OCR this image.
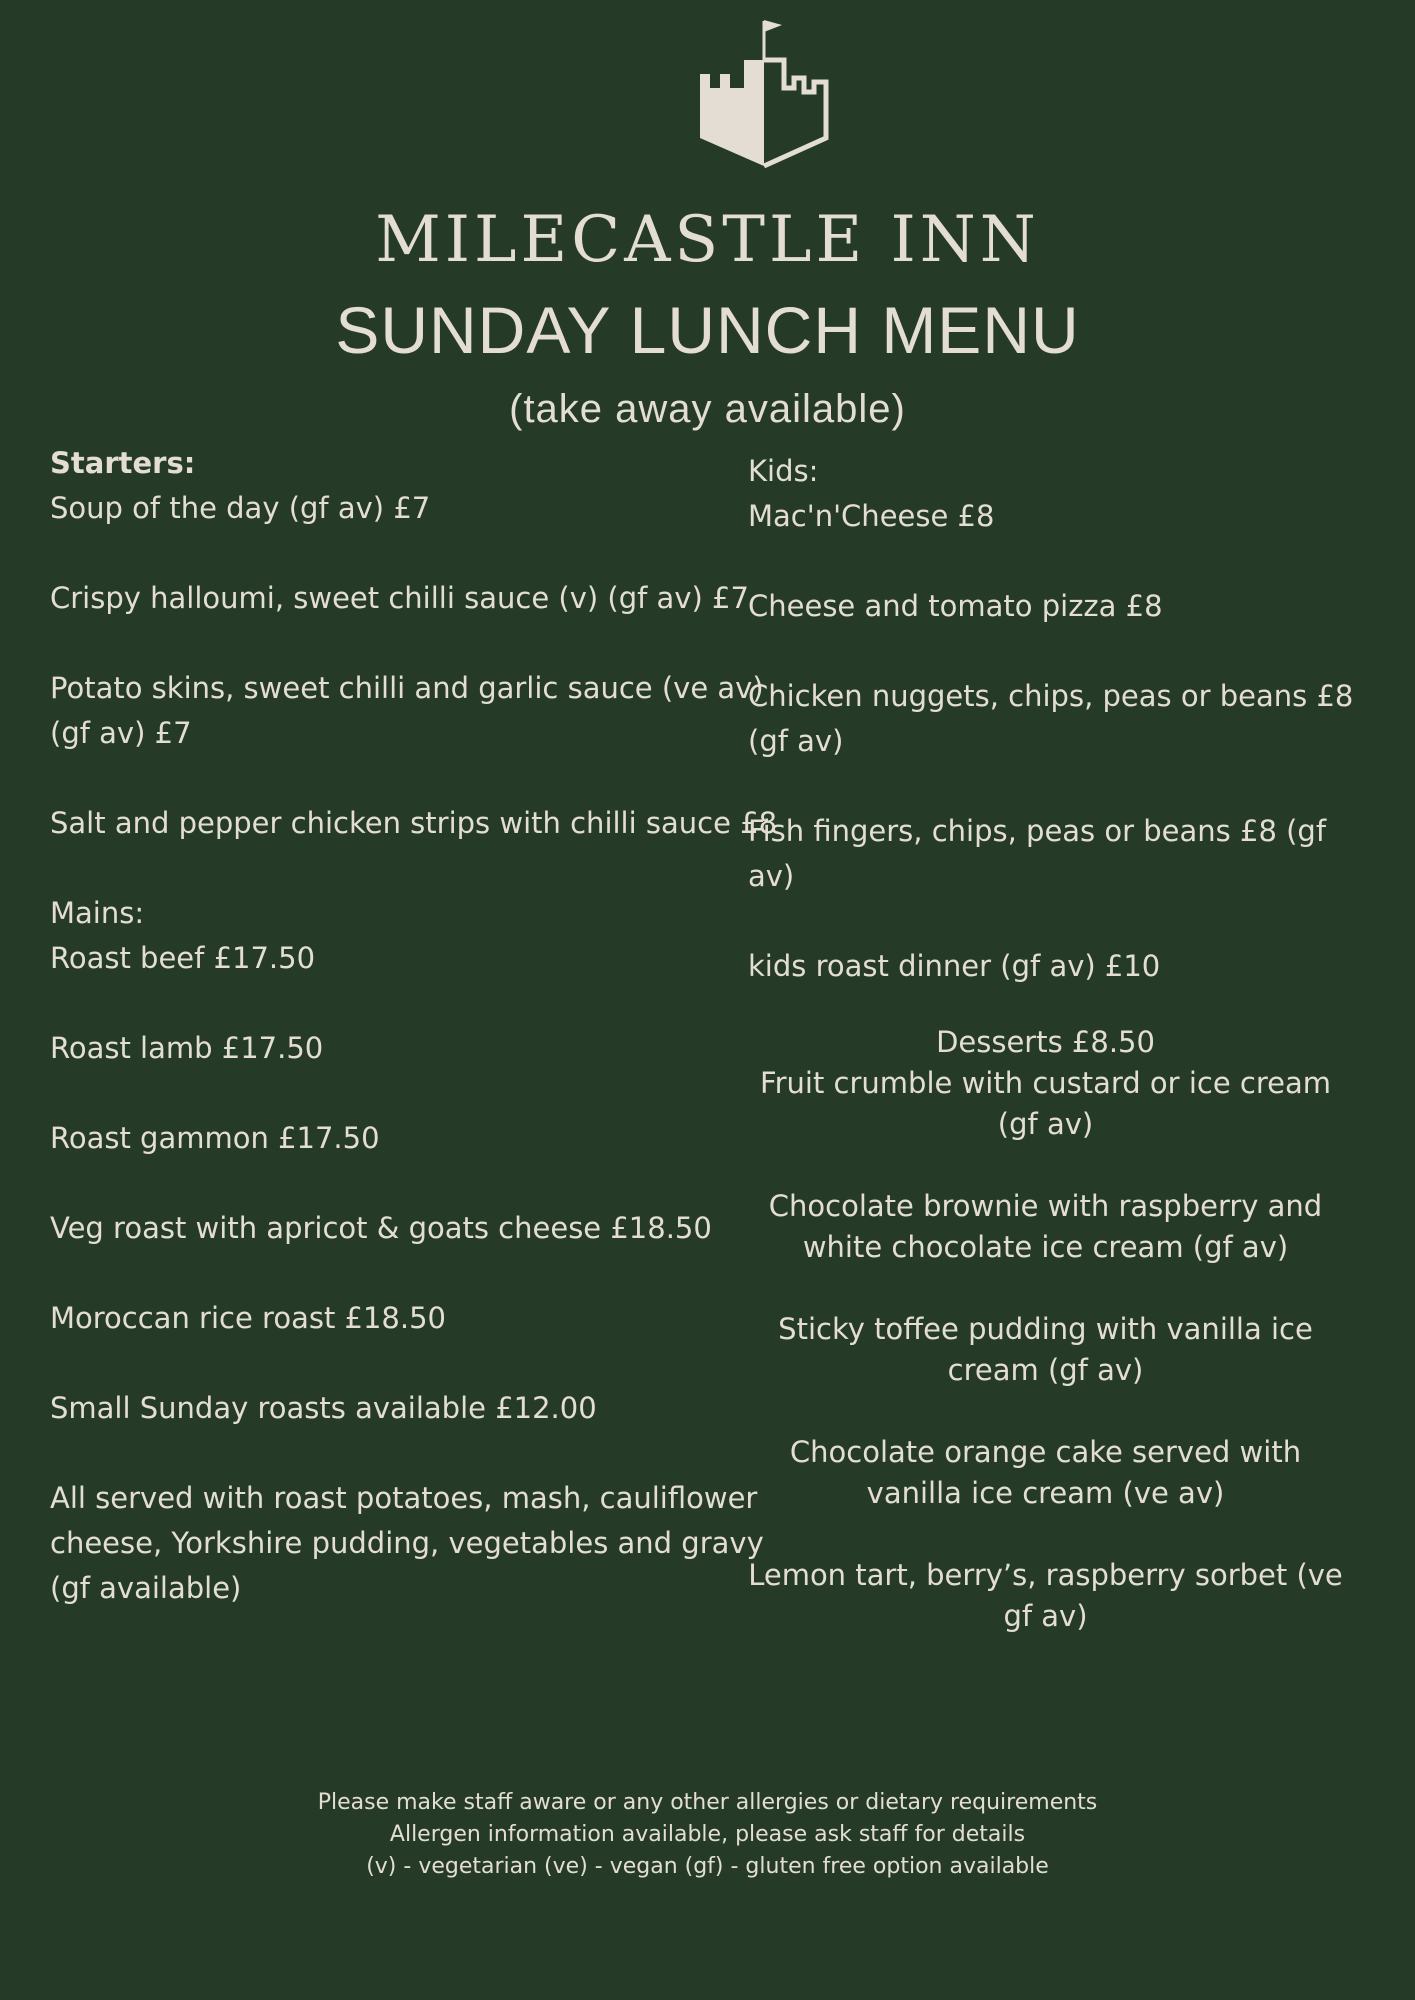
MILECASTLE INN
SUNDAY LUNCH MENU
(take away available)
Starters:
Soup of the day (gf av) £7
Crispy halloumi, sweet chilli sauce (v) (gf av) £7
Potato skins, sweet chilli and garlic sauce (ve av) (gf av) £7
Salt and pepper chicken strips with chilli sauce £8
Mains:
Roast beef £17.50
Roast lamb £17.50
Roast gammon £17.50
Veg roast with apricot & goats cheese £18.50
Moroccan rice roast £18.50
Small Sunday roasts available £12.00
All served with roast potatoes, mash, cauliflower cheese, Yorkshire pudding, vegetables and gravy (gf available)
Kids:
Mac'n'Cheese £8
Cheese and tomato pizza £8
Chicken nuggets, chips, peas or beans £8 (gf av)
Fish fingers, chips, peas or beans £8 (gf av)
kids roast dinner (gf av) £10
Desserts £8.50
Fruit crumble with custard or ice cream (gf av)
Chocolate brownie with raspberry and white chocolate ice cream (gf av)
Sticky toffee pudding with vanilla ice cream (gf av)
Chocolate orange cake served with vanilla ice cream (ve av)
Lemon tart, berry’s, raspberry sorbet (ve gf av)
Please make staff aware or any other allergies or dietary requirements
Allergen information available, please ask staff for details
(v) - vegetarian (ve) - vegan (gf) - gluten free option available
